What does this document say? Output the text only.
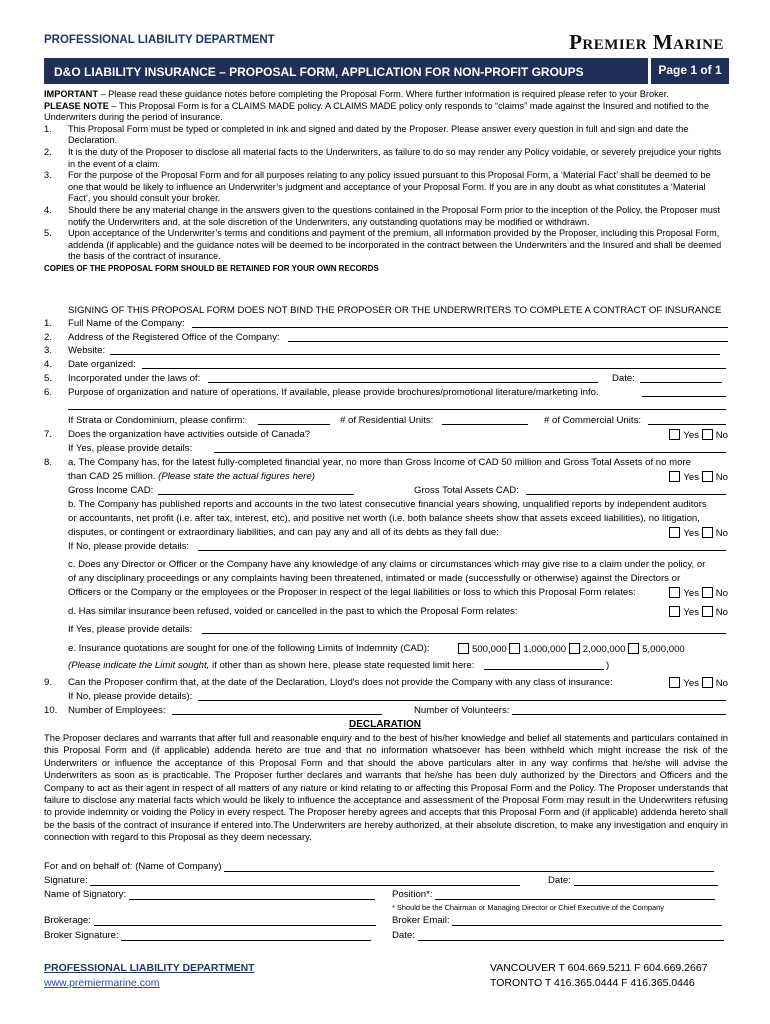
PROFESSIONAL LIABILITY DEPARTMENT	Premier Marine
D&O LIABILITY INSURANCE – PROPOSAL FORM, APPLICATION FOR NON-PROFIT GROUPS	Page 1 of 1

IMPORTANT – Please read these guidance notes before completing the Proposal Form. Where further information is required please refer to your Broker.

PLEASE NOTE – This Proposal Form is for a CLAIMS MADE policy. A CLAIMS MADE policy only responds to “claims” made against the Insured and notified to the Underwriters during the period of insurance.

1. This Proposal Form must be typed or completed in ink and signed and dated by the Proposer. Please answer every question in full and sign and date the Declaration.
2. It is the duty of the Proposer to disclose all material facts to the Underwriters, as failure to do so may render any Policy voidable, or severely prejudice your rights in the event of a claim.
3. For the purpose of the Proposal Form and for all purposes relating to any policy issued pursuant to this Proposal Form, a ‘Material Fact’ shall be deemed to be one that would be likely to influence an Underwriter’s judgment and acceptance of your Proposal Form. If you are in any doubt as what constitutes a ‘Material Fact’, you should consult your broker.
4. Should there be any material change in the answers given to the questions contained in the Proposal Form prior to the inception of the Policy, the Proposer must notify the Underwriters and, at the sole discretion of the Underwriters, any outstanding quotations may be modified or withdrawn.
5. Upon acceptance of the Underwriter’s terms and conditions and payment of the premium, all information provided by the Proposer, including this Proposal Form, addenda (if applicable) and the guidance notes will be deemed to be incorporated in the contract between the Underwriters and the Insured and shall be deemed the basis of the contract of insurance.

COPIES OF THE PROPOSAL FORM SHOULD BE RETAINED FOR YOUR OWN RECORDS

SIGNING OF THIS PROPOSAL FORM DOES NOT BIND THE PROPOSER OR THE UNDERWRITERS TO COMPLETE A CONTRACT OF INSURANCE
1. Full Name of the Company:
2. Address of the Registered Office of the Company:
3. Website:
4. Date organized:
5. Incorporated under the laws of:	Date:
6. Purpose of organization and nature of operations. If available, please provide brochures/promotional literature/marketing info.
If Strata or Condominium, please confirm:	# of Residential Units:	# of Commercial Units:
7. Does the organization have activities outside of Canada?	Yes No
If Yes, please provide details:
8. a. The Company has, for the latest fully-completed financial year, no more than Gross Income of CAD 50 million and Gross Total Assets of no more
than CAD 25 million. (Please state the actual figures here)	Yes No
Gross Income CAD:	Gross Total Assets CAD:
b. The Company has published reports and accounts in the two latest consecutive financial years showing, unqualified reports by independent auditors
or accountants, net profit (i.e. after tax, interest, etc), and positive net worth (i.e. both balance sheets show that assets exceed liabilities), no litigation,
disputes, or contingent or extraordinary liabilities, and can pay any and all of its debts as they fall due:	Yes No
If No, please provide details:
c. Does any Director or Officer or the Company have any knowledge of any claims or circumstances which may give rise to a claim under the policy, or
of any disciplinary proceedings or any complaints having been threatened, intimated or made (successfully or otherwise) against the Directors or
Officers or the Company or the employees or the Proposer in respect of the legal liabilities or loss to which this Proposal Form relates:	Yes No
d. Has similar insurance been refused, voided or cancelled in the past to which the Proposal Form relates:	Yes No
If Yes, please provide details:
e. Insurance quotations are sought for one of the following Limits of Indemnity (CAD):	500,000 1,000,000 2,000,000 5,000,000
(Please indicate the Limit sought, if other than as shown here, please state requested limit here:	)
9. Can the Proposer confirm that, at the date of the Declaration, Lloyd's does not provide the Company with any class of insurance:	Yes No
If No, please provide details):
10. Number of Employees:	Number of Volunteers:
DECLARATION
The Proposer declares and warrants that after full and reasonable enquiry and to the best of his/her knowledge and belief all statements and particulars contained in this Proposal Form and (if applicable) addenda hereto are true and that no information whatsoever has been withheld which might increase the risk of the Underwriters or influence the acceptance of this Proposal Form and that should the above particulars alter in any way confirms that he/she will advise the Underwriters as soon as is practicable. The Proposer further declares and warrants that he/she has been duly authorized by the Directors and Officers and the Company to act as their agent in respect of all matters of any nature or kind relating to or affecting this Proposal Form and the Policy. The Proposer understands that failure to disclose any material facts which would be likely to influence the acceptance and assessment of the Proposal Form may result in the Underwriters refusing to provide indemnity or voiding the Policy in every respect. The Proposer hereby agrees and accepts that this Proposal Form and (if applicable) addenda hereto shall be the basis of the contract of insurance if entered into.The Underwriters are hereby authorized, at their absolute discretion, to make any investigation and enquiry in connection with regard to this Proposal as they deem necessary.
For and on behalf of: (Name of Company)
Signature:	Date:
Name of Signatory:	Position*:
* Should be the Chairman or Managing Director or Chief Executive of the Company
Brokerage:	Broker Email:
Broker Signature:	Date:
PROFESSIONAL LIABILITY DEPARTMENT
www.premiermarine.com
VANCOUVER T 604.669.5211 F 604.669.2667
TORONTO T 416.365.0444 F 416.365.0446
